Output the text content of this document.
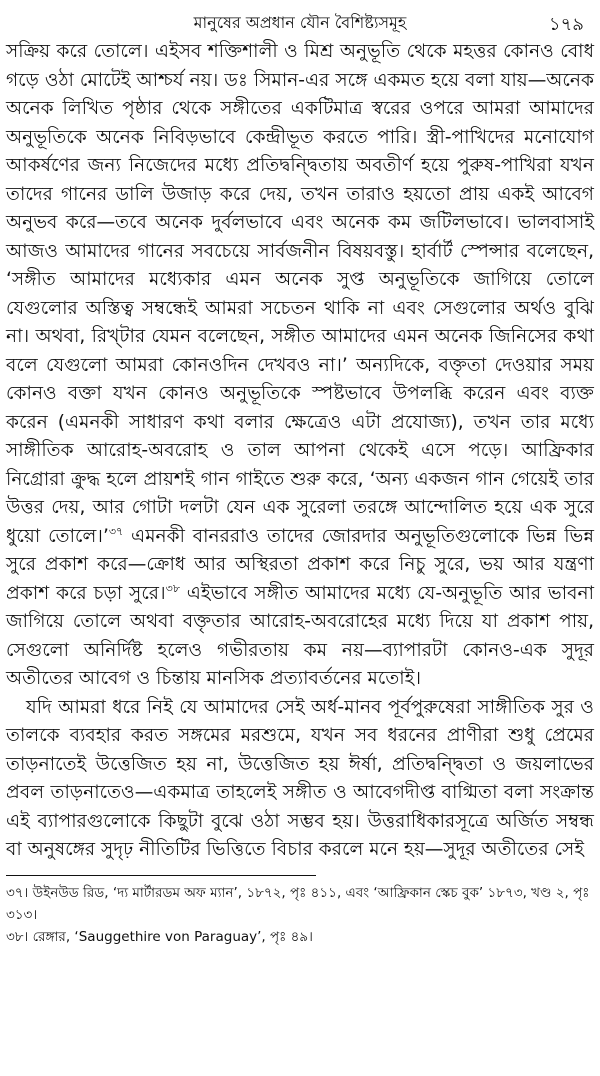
মানুষের অপ্রধান যৌন বৈশিষ্ট্যসমূহ	১৭৯

সক্রিয় করে তোলে। এইসব শক্তিশালী ও মিশ্র অনুভূতি থেকে মহত্তর কোনও বোধ গড়ে ওঠা মোটেই আশ্চর্য নয়। ডঃ সিমান-এর সঙ্গে একমত হয়ে বলা যায়—অনেক অনেক লিখিত পৃষ্ঠার থেকে সঙ্গীতের একটিমাত্র স্বরের ওপরে আমরা আমাদের অনুভূতিকে অনেক নিবিড়ভাবে কেন্দ্রীভূত করতে পারি। স্ত্রী-পাখিদের মনোযোগ আকর্ষণের জন্য নিজেদের মধ্যে প্রতিদ্বন্দ্বিতায় অবতীর্ণ হয়ে পুরুষ-পাখিরা যখন তাদের গানের ডালি উজাড় করে দেয়, তখন তারাও হয়তো প্রায় একই আবেগ অনুভব করে—তবে অনেক দুর্বলভাবে এবং অনেক কম জটিলভাবে। ভালবাসাই আজও আমাদের গানের সবচেয়ে সার্বজনীন বিষয়বস্তু। হার্বার্ট স্পেন্সার বলেছেন, ‘সঙ্গীত আমাদের মধ্যেকার এমন অনেক সুপ্ত অনুভূতিকে জাগিয়ে তোলে যেগুলোর অস্তিত্ব সম্বন্ধেই আমরা সচেতন থাকি না এবং সেগুলোর অর্থও বুঝি না। অথবা, রিখ্টার যেমন বলেছেন, সঙ্গীত আমাদের এমন অনেক জিনিসের কথা বলে যেগুলো আমরা কোনওদিন দেখবও না।’ অন্যদিকে, বক্তৃতা দেওয়ার সময় কোনও বক্তা যখন কোনও অনুভূতিকে স্পষ্টভাবে উপলব্ধি করেন এবং ব্যক্ত করেন (এমনকী সাধারণ কথা বলার ক্ষেত্রেও এটা প্রযোজ্য), তখন তার মধ্যে সাঙ্গীতিক আরোহ-অবরোহ ও তাল আপনা থেকেই এসে পড়ে। আফ্রিকার নিগ্রোরা ক্রুদ্ধ হলে প্রায়শই গান গাইতে শুরু করে, ‘অন্য একজন গান গেয়েই তার উত্তর দেয়, আর গোটা দলটা যেন এক সুরেলা তরঙ্গে আন্দোলিত হয়ে এক সুরে ধুয়ো তোলে।’$^{৩৭}$ এমনকী বানররাও তাদের জোরদার অনুভূতিগুলোকে ভিন্ন ভিন্ন সুরে প্রকাশ করে—ক্রোধ আর অস্থিরতা প্রকাশ করে নিচু সুরে, ভয় আর যন্ত্রণা প্রকাশ করে চড়া সুরে।$^{৩৮}$ এইভাবে সঙ্গীত আমাদের মধ্যে যে-অনুভূতি আর ভাবনা জাগিয়ে তোলে অথবা বক্তৃতার আরোহ-অবরোহের মধ্যে দিয়ে যা প্রকাশ পায়, সেগুলো অনির্দিষ্ট হলেও গভীরতায় কম নয়—ব্যাপারটা কোনও-এক সুদূর অতীতের আবেগ ও চিন্তায় মানসিক প্রত্যাবর্তনের মতোই।

যদি আমরা ধরে নিই যে আমাদের সেই অর্ধ-মানব পূর্বপুরুষেরা সাঙ্গীতিক সুর ও তালকে ব্যবহার করত সঙ্গমের মরশুমে, যখন সব ধরনের প্রাণীরা শুধু প্রেমের তাড়নাতেই উত্তেজিত হয় না, উত্তেজিত হয় ঈর্ষা, প্রতিদ্বন্দ্বিতা ও জয়লাভের প্রবল তাড়নাতেও—একমাত্র তাহলেই সঙ্গীত ও আবেগদীপ্ত বাগ্মিতা বলা সংক্রান্ত এই ব্যাপারগুলোকে কিছুটা বুঝে ওঠা সম্ভব হয়। উত্তরাধিকারসূত্রে অর্জিত সম্বন্ধ বা অনুষঙ্গের সুদৃঢ় নীতিটির ভিত্তিতে বিচার করলে মনে হয়—সুদূর অতীতের সেই

৩৭। উইনউড রিড, ‘দ্য মার্টারডম অফ ম্যান’, ১৮৭২, পৃঃ ৪১১, এবং ‘আফ্রিকান স্কেচ বুক’ ১৮৭৩, খণ্ড ২, পৃঃ ৩১৩।

৩৮। রেঙ্গার, ‘Sauggethire von Paraguay’, পৃঃ ৪৯।
